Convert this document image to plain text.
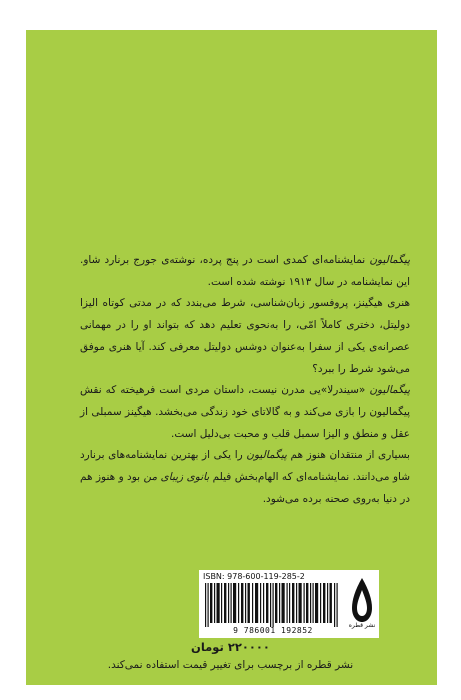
پیگمالیون نمایشنامه‌ای کمدی است در پنج پرده، نوشته‌ی جورج برنارد شاو. این نمایشنامه در سال ۱۹۱۳ نوشته شده است.

هنری هیگینز، پروفسور زبان‌شناسی، شرط می‌بندد که در مدتی کوتاه الیزا دولیتل، دختری کاملاً امّی، را به‌نحوی تعلیم دهد که بتواند او را در مهمانی عصرانه‌ی یکی از سفرا به‌عنوان دوشس دولیتل معرفی کند. آیا هنری موفق می‌شود شرط را ببرد؟

پیگمالیون «سیندرلا»یی مدرن نیست، داستان مردی است فرهیخته که نقش پیگمالیون را بازی می‌کند و به گالاتای خود زندگی می‌بخشد. هیگینز سمبلی از عقل و منطق و الیزا سمبل قلب و محبت بی‌دلیل است.

بسیاری از منتقدان هنوز هم پیگمالیون را یکی از بهترین نمایشنامه‌های برنارد شاو می‌دانند. نمایشنامه‌ای که الهام‌بخش فیلم بانوی زیبای من بود و هنوز هم در دنیا به‌روی صحنه برده می‌شود.

ISBN: 978-600-119-285-2
9 786001 192852
نشر قطره
۲۲۰۰۰۰ تومان
نشر قطره از برچسب برای تغییر قیمت استفاده نمی‌کند.
